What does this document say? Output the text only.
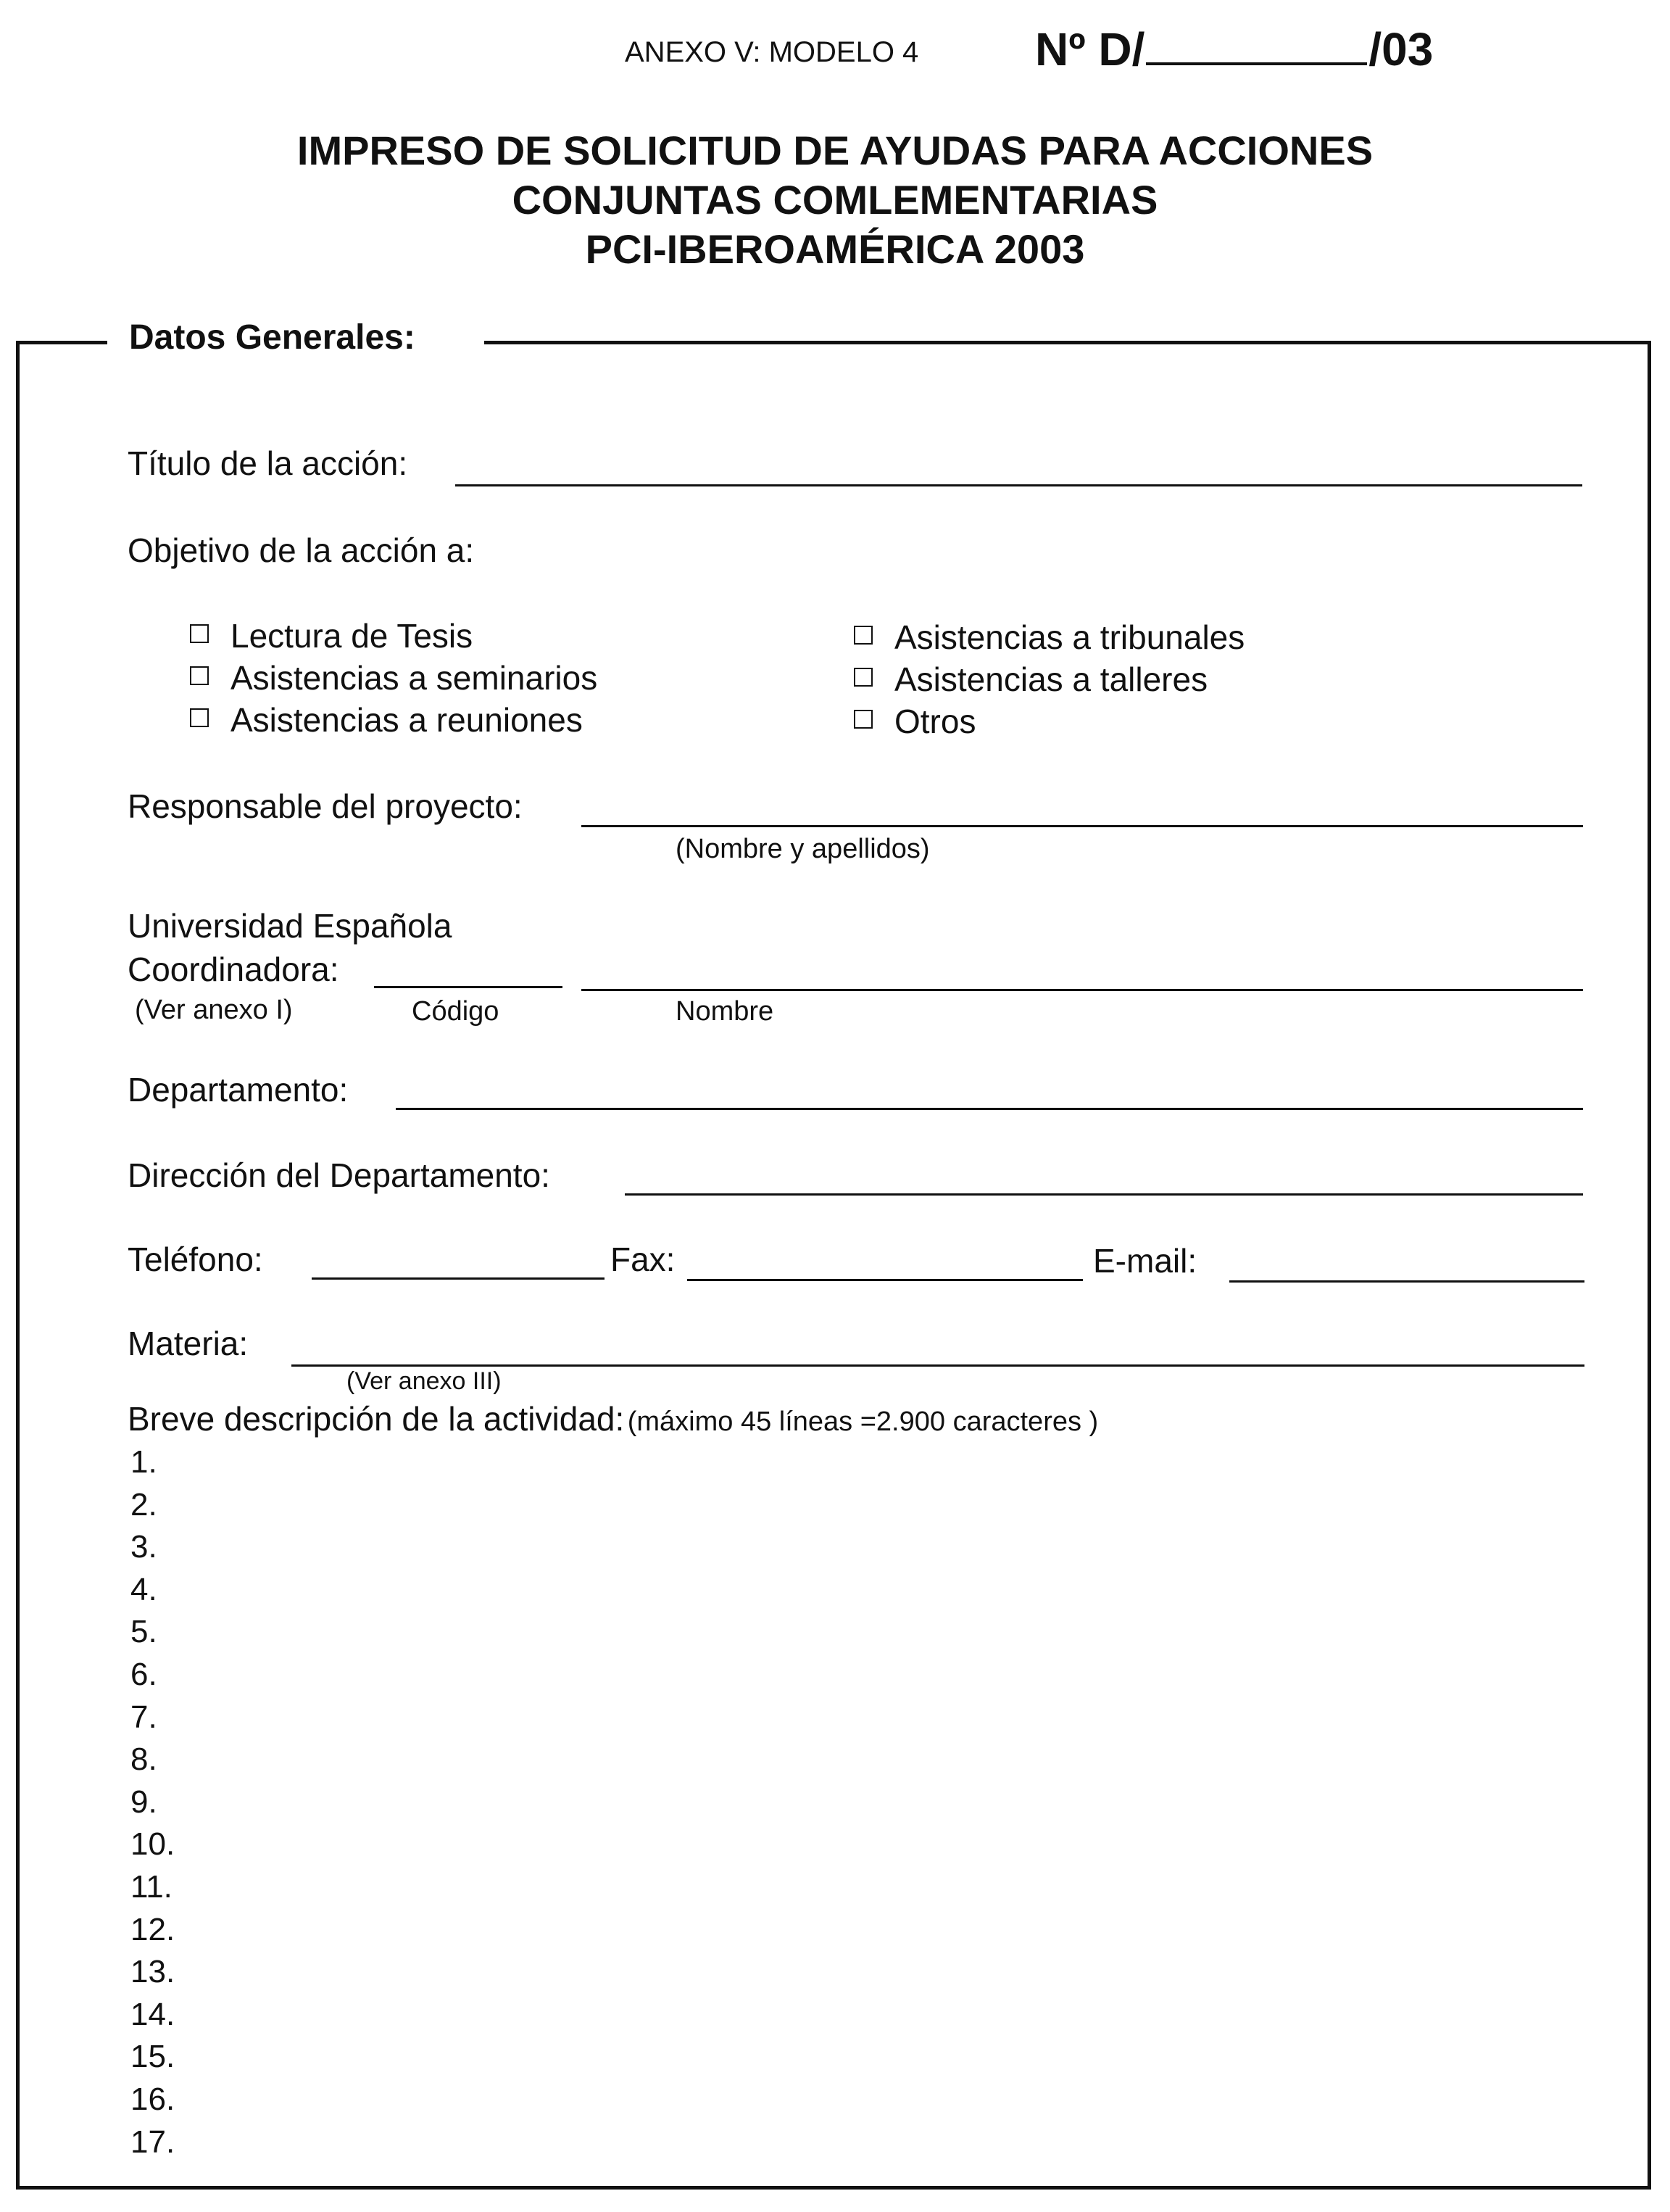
ANEXO V: MODELO 4	Nº D/	/03
IMPRESO DE SOLICITUD DE AYUDAS PARA ACCIONES
CONJUNTAS COMLEMENTARIAS
PCI-IBEROAMÉRICA 2003
Datos Generales:
Título de la acción:
Objetivo de la acción a:
Lectura de Tesis
Asistencias a seminarios
Asistencias a reuniones
Asistencias a tribunales
Asistencias a talleres
Otros
Responsable del proyecto:
(Nombre y apellidos)
Universidad Española
Coordinadora:
(Ver anexo I)	Código	Nombre
Departamento:
Dirección del Departamento:
Teléfono:	Fax:	E-mail:
Materia:
(Ver anexo III)
Breve descripción de la actividad: (máximo 45 líneas =2.900 caracteres )
1.
2.
3.
4.
5.
6.
7.
8.
9.
10.
11.
12.
13.
14.
15.
16.
17.
